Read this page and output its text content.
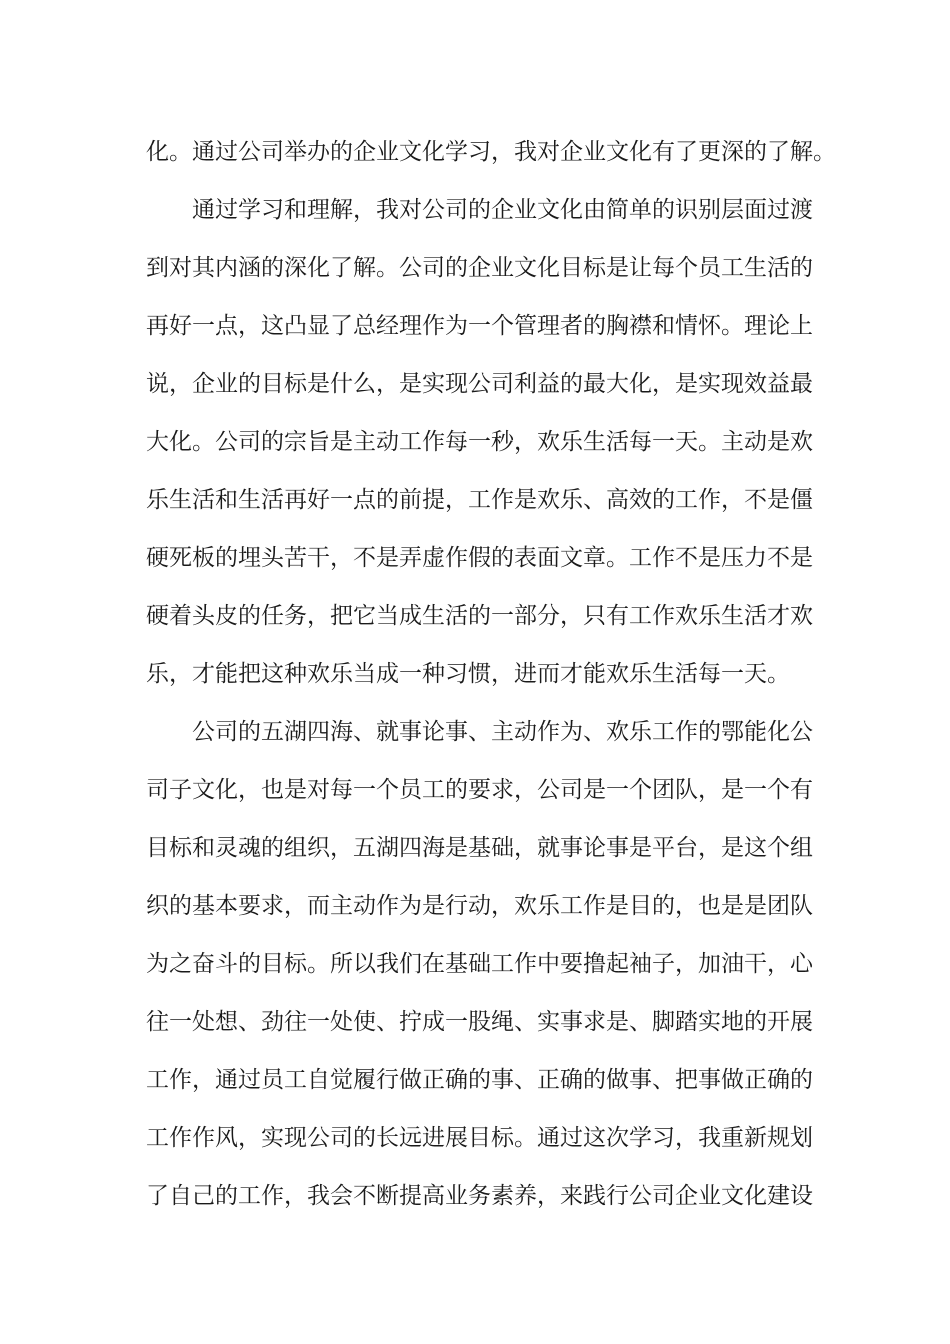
化。通过公司举办的企业文化学习，我对企业文化有了更深的了解。
通过学习和理解，我对公司的企业文化由简单的识别层面过渡
到对其内涵的深化了解。公司的企业文化目标是让每个员工生活的
再好一点，这凸显了总经理作为一个管理者的胸襟和情怀。理论上
说，企业的目标是什么，是实现公司利益的最大化，是实现效益最
大化。公司的宗旨是主动工作每一秒，欢乐生活每一天。主动是欢
乐生活和生活再好一点的前提，工作是欢乐、高效的工作，不是僵
硬死板的埋头苦干，不是弄虚作假的表面文章。工作不是压力不是
硬着头皮的任务，把它当成生活的一部分，只有工作欢乐生活才欢
乐，才能把这种欢乐当成一种习惯，进而才能欢乐生活每一天。
公司的五湖四海、就事论事、主动作为、欢乐工作的鄂能化公
司子文化，也是对每一个员工的要求，公司是一个团队，是一个有
目标和灵魂的组织，五湖四海是基础，就事论事是平台，是这个组
织的基本要求，而主动作为是行动，欢乐工作是目的，也是是团队
为之奋斗的目标。所以我们在基础工作中要撸起袖子，加油干，心
往一处想、劲往一处使、拧成一股绳、实事求是、脚踏实地的开展
工作，通过员工自觉履行做正确的事、正确的做事、把事做正确的
工作作风，实现公司的长远进展目标。通过这次学习，我重新规划
了自己的工作，我会不断提高业务素养，来践行公司企业文化建设
